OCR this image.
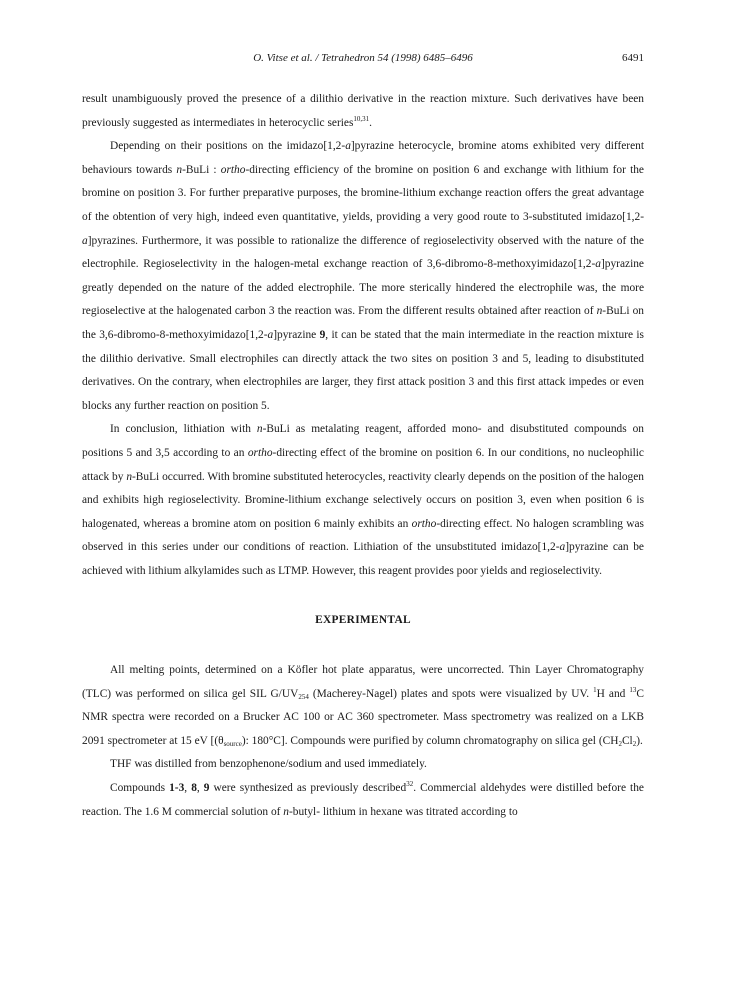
O. Vitse et al. / Tetrahedron 54 (1998) 6485–6496	6491

result unambiguously proved the presence of a dilithio derivative in the reaction mixture. Such derivatives have been previously suggested as intermediates in heterocyclic series$^{10,31}$.

Depending on their positions on the imidazo[1,2-a]pyrazine heterocycle, bromine atoms exhibited very different behaviours towards n-BuLi : ortho-directing efficiency of the bromine on position 6 and exchange with lithium for the bromine on position 3. For further preparative purposes, the bromine-lithium exchange reaction offers the great advantage of the obtention of very high, indeed even quantitative, yields, providing a very good route to 3-substituted imidazo[1,2-a]pyrazines. Furthermore, it was possible to rationalize the difference of regioselectivity observed with the nature of the electrophile. Regioselectivity in the halogen-metal exchange reaction of 3,6-dibromo-8-methoxyimidazo[1,2-a]pyrazine greatly depended on the nature of the added electrophile. The more sterically hindered the electrophile was, the more regioselective at the halogenated carbon 3 the reaction was. From the different results obtained after reaction of n-BuLi on the 3,6-dibromo-8-methoxyimidazo[1,2-a]pyrazine 9, it can be stated that the main intermediate in the reaction mixture is the dilithio derivative. Small electrophiles can directly attack the two sites on position 3 and 5, leading to disubstituted derivatives. On the contrary, when electrophiles are larger, they first attack position 3 and this first attack impedes or even blocks any further reaction on position 5.

In conclusion, lithiation with n-BuLi as metalating reagent, afforded mono- and disubstituted compounds on positions 5 and 3,5 according to an ortho-directing effect of the bromine on position 6. In our conditions, no nucleophilic attack by n-BuLi occurred. With bromine substituted heterocycles, reactivity clearly depends on the position of the halogen and exhibits high regioselectivity. Bromine-lithium exchange selectively occurs on position 3, even when position 6 is halogenated, whereas a bromine atom on position 6 mainly exhibits an ortho-directing effect. No halogen scrambling was observed in this series under our conditions of reaction. Lithiation of the unsubstituted imidazo[1,2-a]pyrazine can be achieved with lithium alkylamides such as LTMP. However, this reagent provides poor yields and regioselectivity.

EXPERIMENTAL

All melting points, determined on a Köfler hot plate apparatus, were uncorrected. Thin Layer Chromatography (TLC) was performed on silica gel SIL $G/UV_{254}$ (Macherey-Nagel) plates and spots were visualized by UV. $^1$H and $^{13}$C NMR spectra were recorded on a Brucker AC 100 or AC 360 spectrometer. Mass spectrometry was realized on a LKB 2091 spectrometer at 15 eV [$(\theta_{source})$: 180°C]. Compounds were purified by column chromatography on silica gel $(CH_2Cl_2)$.

THF was distilled from benzophenone/sodium and used immediately.

Compounds 1-3, 8, 9 were synthesized as previously described$^{32}$. Commercial aldehydes were distilled before the reaction. The 1.6 M commercial solution of n-butyl- lithium in hexane was titrated according to
